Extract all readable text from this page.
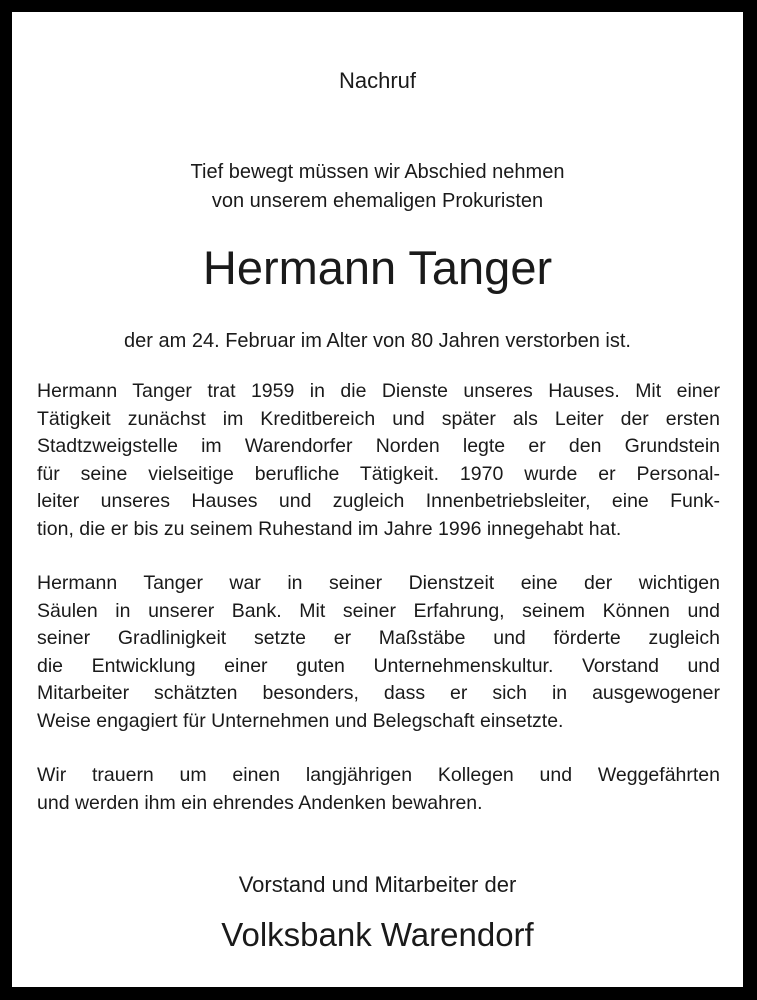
Nachruf
Tief bewegt müssen wir Abschied nehmen
von unserem ehemaligen Prokuristen
Hermann Tanger
der am 24. Februar im Alter von 80 Jahren verstorben ist.
Hermann Tanger trat 1959 in die Dienste unseres Hauses. Mit einer
Tätigkeit zunächst im Kreditbereich und später als Leiter der ersten
Stadtzweigstelle im Warendorfer Norden legte er den Grundstein
für seine vielseitige berufliche Tätigkeit. 1970 wurde er Personal-
leiter unseres Hauses und zugleich Innenbetriebsleiter, eine Funk-
tion, die er bis zu seinem Ruhestand im Jahre 1996 innegehabt hat.
Hermann Tanger war in seiner Dienstzeit eine der wichtigen
Säulen in unserer Bank. Mit seiner Erfahrung, seinem Können und
seiner Gradlinigkeit setzte er Maßstäbe und förderte zugleich
die Entwicklung einer guten Unternehmenskultur. Vorstand und
Mitarbeiter schätzten besonders, dass er sich in ausgewogener
Weise engagiert für Unternehmen und Belegschaft einsetzte.
Wir trauern um einen langjährigen Kollegen und Weggefährten
und werden ihm ein ehrendes Andenken bewahren.
Vorstand und Mitarbeiter der
Volksbank Warendorf
